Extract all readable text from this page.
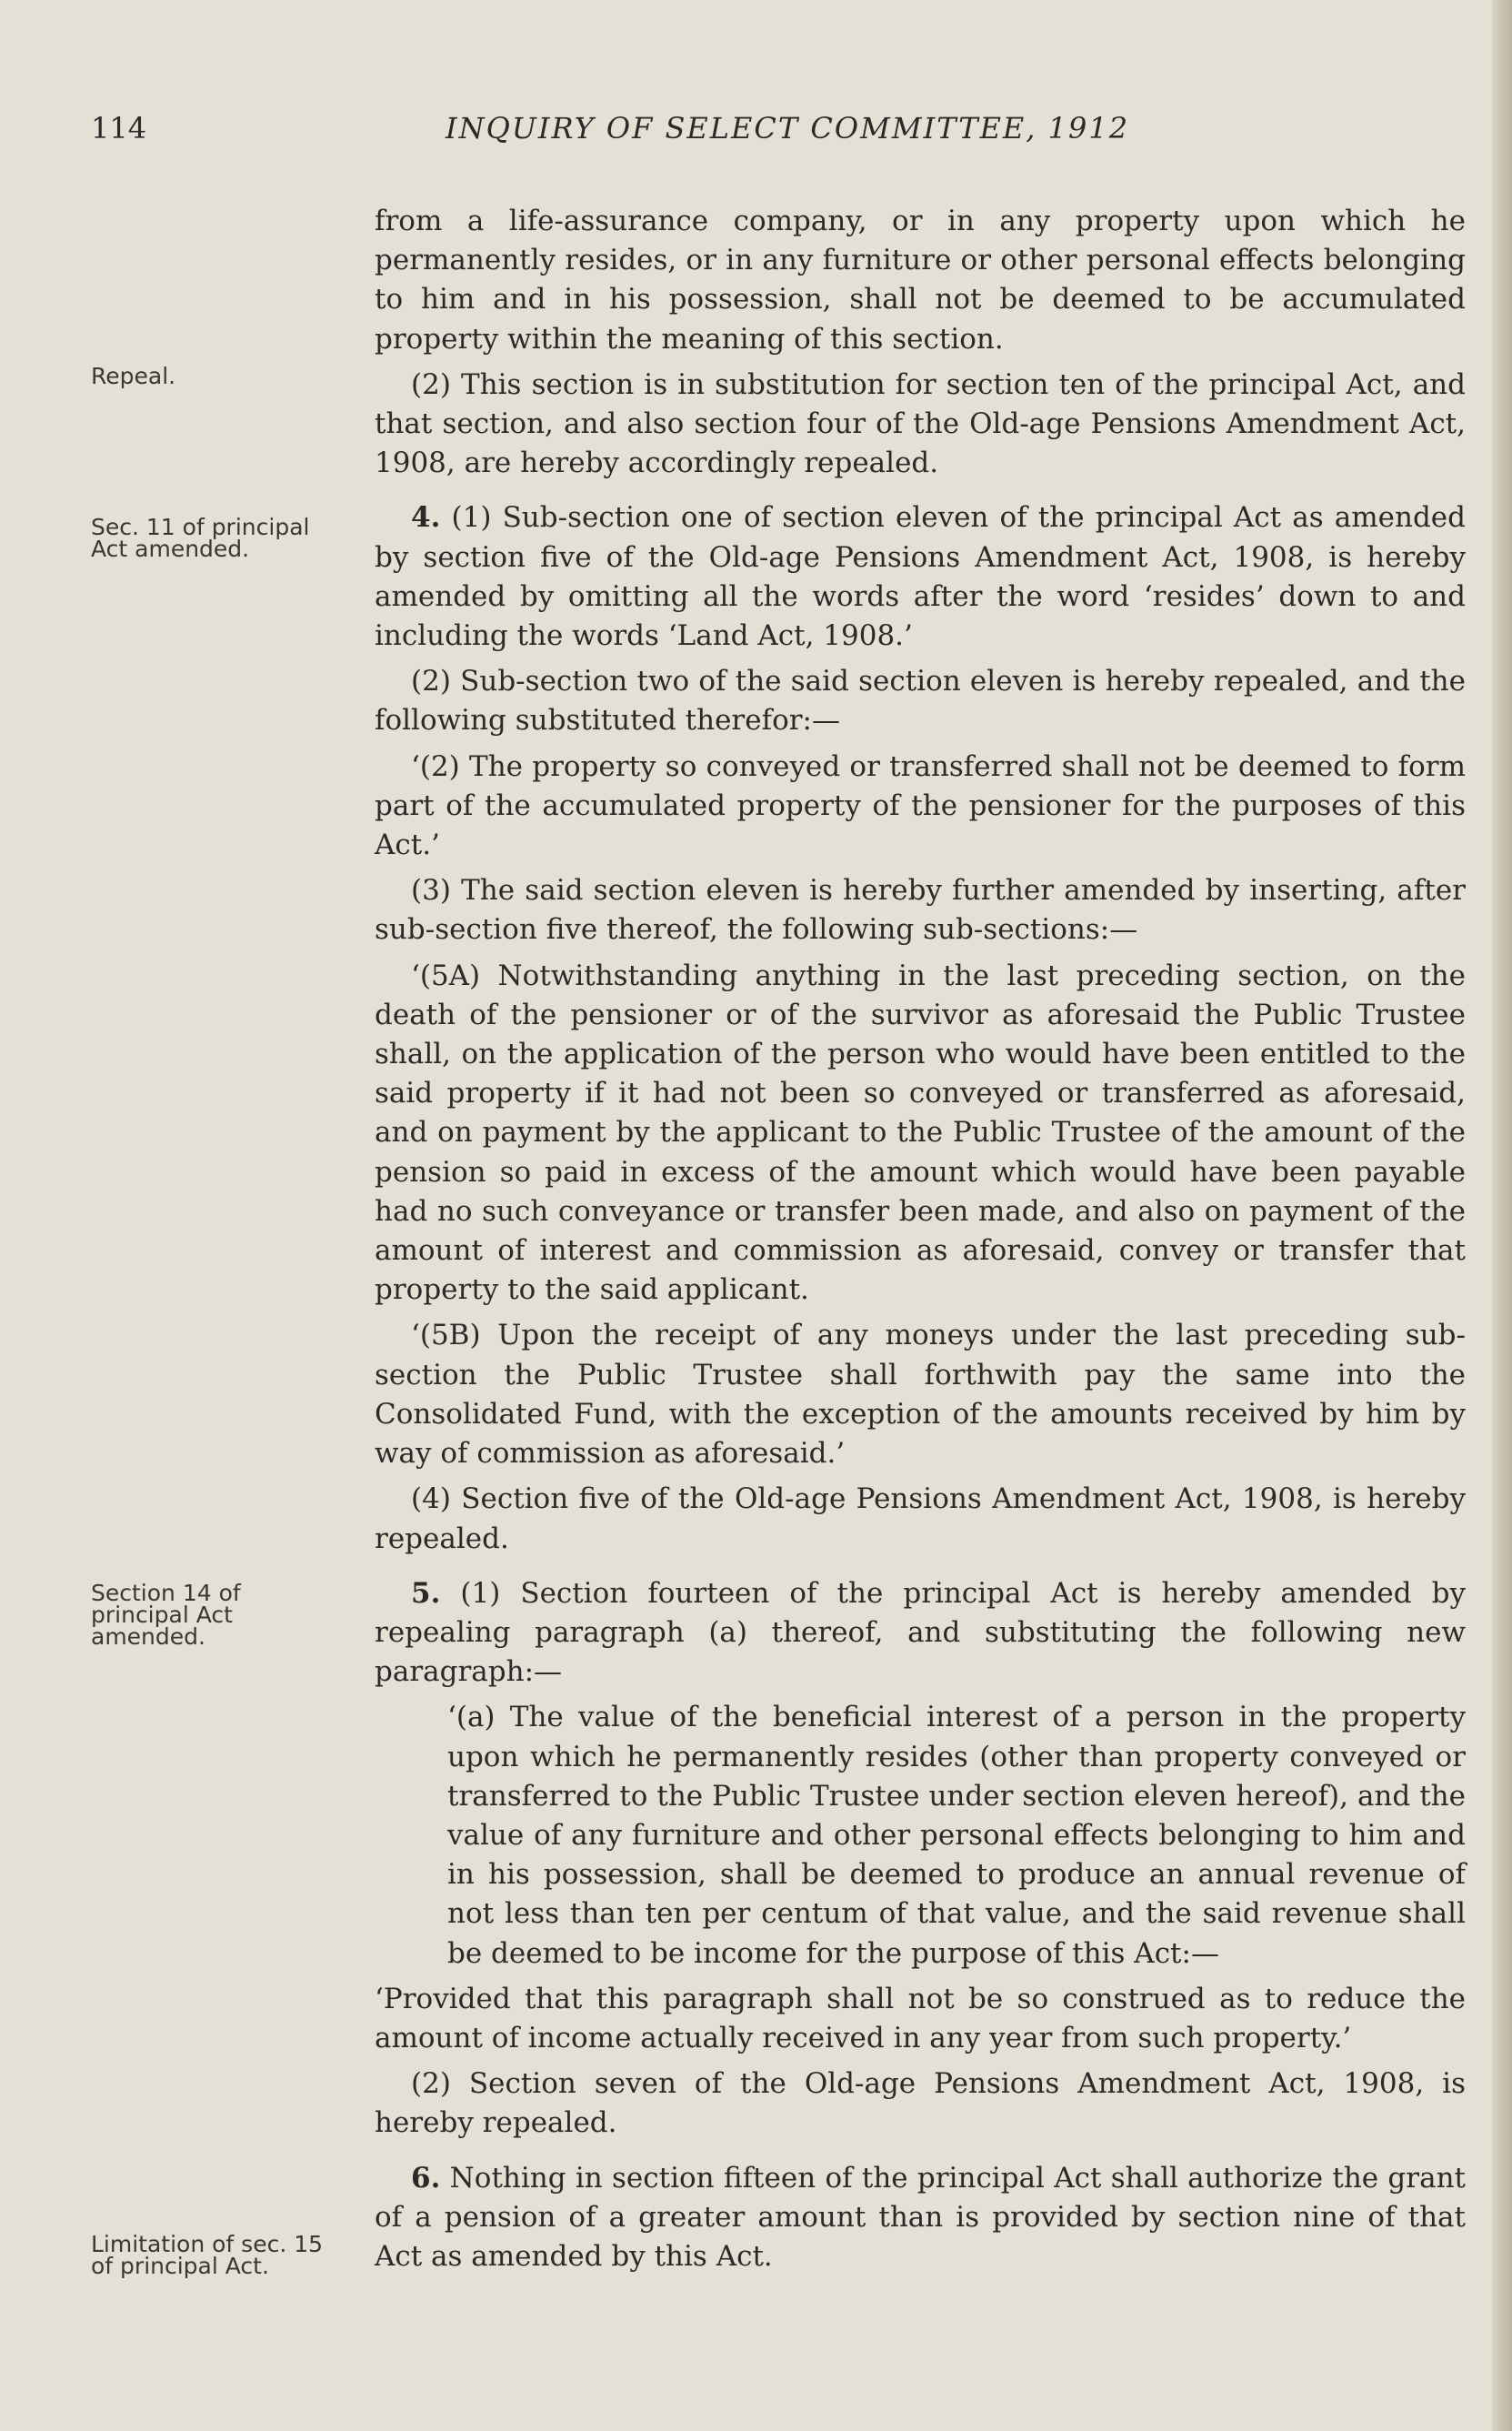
114	INQUIRY OF SELECT COMMITTEE, 1912
Repeal.
Sec. 11 of principal Act amended.
Section 14 of principal Act amended.
Limitation of sec. 15 of principal Act.

from a life-assurance company, or in any property upon which he permanently resides, or in any furniture or other personal effects belonging to him and in his possession, shall not be deemed to be accumulated property within the meaning of this section.

(2) This section is in substitution for section ten of the principal Act, and that section, and also section four of the Old-age Pensions Amendment Act, 1908, are hereby accordingly repealed.

4. (1) Sub-section one of section eleven of the principal Act as amended by section five of the Old-age Pensions Amendment Act, 1908, is hereby amended by omitting all the words after the word ‘resides’ down to and including the words ‘Land Act, 1908.’

(2) Sub-section two of the said section eleven is hereby repealed, and the following substituted therefor:—

‘(2) The property so conveyed or transferred shall not be deemed to form part of the accumulated property of the pensioner for the purposes of this Act.’

(3) The said section eleven is hereby further amended by inserting, after sub-section five thereof, the following sub-sections:—

‘(5A) Notwithstanding anything in the last preceding section, on the death of the pensioner or of the survivor as aforesaid the Public Trustee shall, on the application of the person who would have been entitled to the said property if it had not been so conveyed or transferred as aforesaid, and on payment by the applicant to the Public Trustee of the amount of the pension so paid in excess of the amount which would have been payable had no such conveyance or transfer been made, and also on payment of the amount of interest and commission as aforesaid, convey or transfer that property to the said applicant.

‘(5B) Upon the receipt of any moneys under the last preceding sub-section the Public Trustee shall forthwith pay the same into the Consolidated Fund, with the exception of the amounts received by him by way of commission as aforesaid.’

(4) Section five of the Old-age Pensions Amendment Act, 1908, is hereby repealed.

5. (1) Section fourteen of the principal Act is hereby amended by repealing paragraph (a) thereof, and substituting the following new paragraph:—

‘(a) The value of the beneficial interest of a person in the property upon which he permanently resides (other than property conveyed or transferred to the Public Trustee under section eleven hereof), and the value of any furniture and other personal effects belonging to him and in his possession, shall be deemed to produce an annual revenue of not less than ten per centum of that value, and the said revenue shall be deemed to be income for the purpose of this Act:—

‘Provided that this paragraph shall not be so construed as to reduce the amount of income actually received in any year from such property.’

(2) Section seven of the Old-age Pensions Amendment Act, 1908, is hereby repealed.

6. Nothing in section fifteen of the principal Act shall authorize the grant of a pension of a greater amount than is provided by section nine of that Act as amended by this Act.
